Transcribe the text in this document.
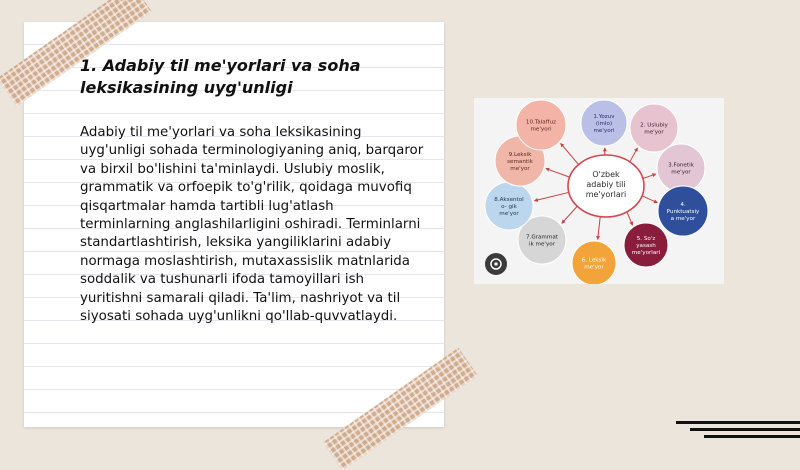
1. Adabiy til me'yorlari va soha leksikasining uyg'unligi

Adabiy til me'yorlari va soha leksikasining uyg'unligi sohada terminologiyaning aniq, barqaror va birxil bo'lishini ta'minlaydi. Uslubiy moslik, grammatik va orfoepik to'g'rilik, qoidaga muvofiq qisqartmalar hamda tartibli lug'atlash terminlarning anglashilarligini oshiradi. Terminlarni standartlashtirish, leksika yangiliklarini adabiy normaga moslashtirish, mutaxassislik matnlarida soddalik va tushunarli ifoda tamoyillari ish yuritishni samarali qiladi. Ta'lim, nashriyot va til siyosati sohada uyg'unlikni qo'llab-quvvatlaydi.

O'zbek
adabiy tili
me'yorlari
1.Yozuv
(imlo)
me'yori
2. Uslubiy
me'yor
3.Fonetik
me'yor
4.
Punktuatsiy
a me'yor
5. So'z
yasash
me'yorlari
6. Leksik
me'yor
7.Grammat
ik me'yor
8.Aksentol
o- gik
me'yor
9.Leksik
semantik
me'yor
10.Talaffuz
me'yori
